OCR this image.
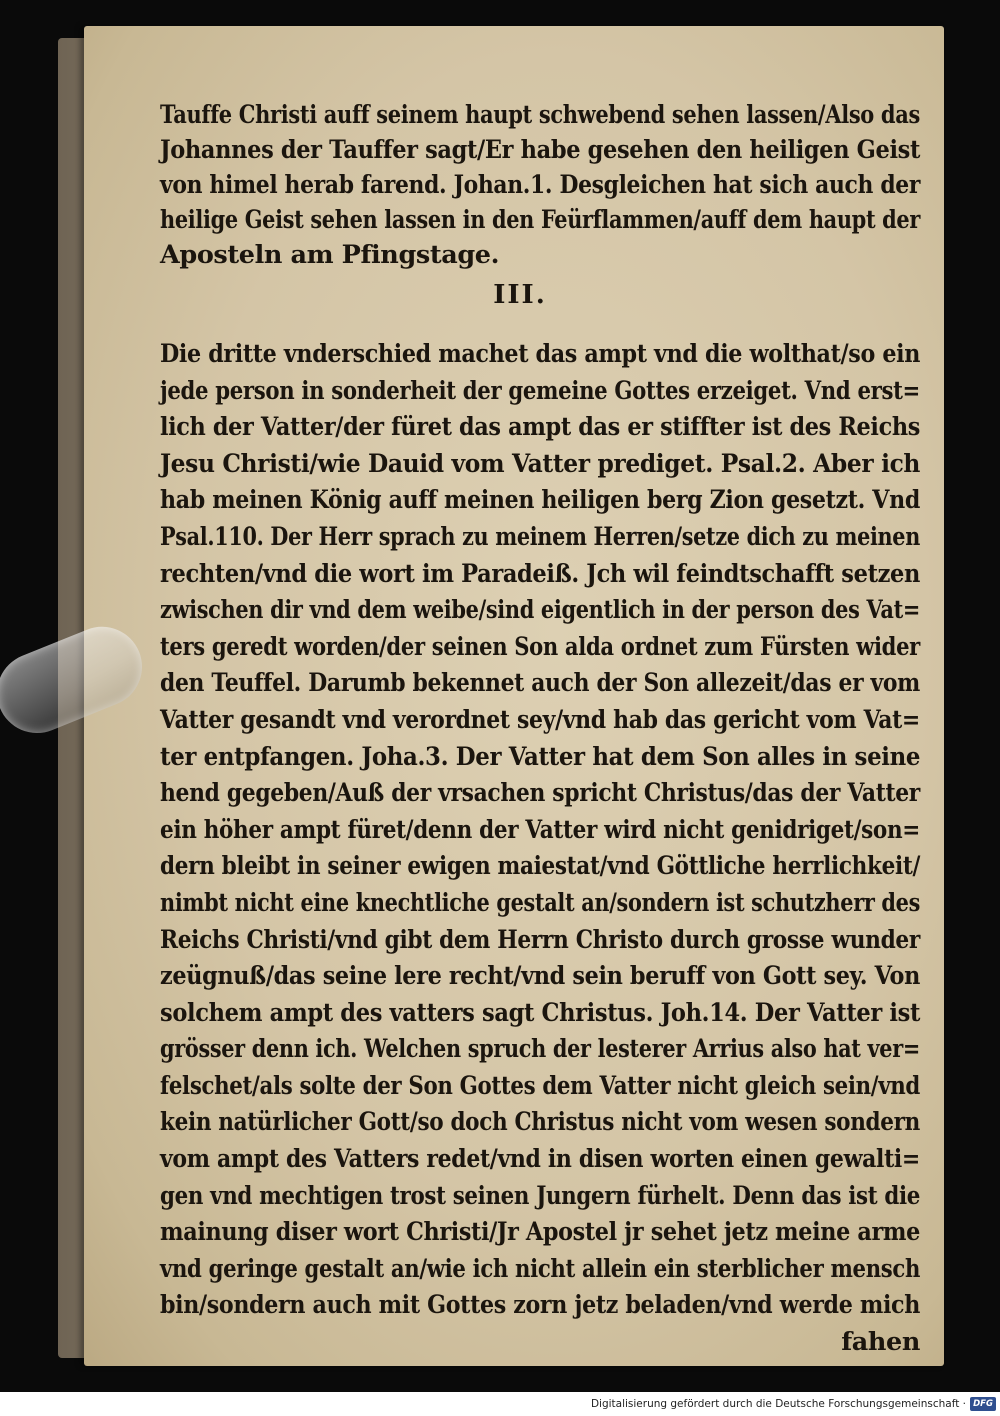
Tauffe Christi auff seinem haupt schwebend sehen lassen/Also das
Johannes der Tauffer sagt/Er habe gesehen den heiligen Geist
von himel herab farend. Johan.1. Desgleichen hat sich auch der
heilige Geist sehen lassen in den Feürflammen/auff dem haupt der
Aposteln am Pfingstage.
III.
Die dritte vnderschied machet das ampt vnd die wolthat/so ein
jede person in sonderheit der gemeine Gottes erzeiget. Vnd erst=
lich der Vatter/der füret das ampt das er stiffter ist des Reichs
Jesu Christi/wie Dauid vom Vatter prediget. Psal.2. Aber ich
hab meinen König auff meinen heiligen berg Zion gesetzt. Vnd
Psal.110. Der Herr sprach zu meinem Herren/setze dich zu meinen
rechten/vnd die wort im Paradeiß. Jch wil feindtschafft setzen
zwischen dir vnd dem weibe/sind eigentlich in der person des Vat=
ters geredt worden/der seinen Son alda ordnet zum Fürsten wider
den Teuffel. Darumb bekennet auch der Son allezeit/das er vom
Vatter gesandt vnd verordnet sey/vnd hab das gericht vom Vat=
ter entpfangen. Joha.3. Der Vatter hat dem Son alles in seine
hend gegeben/Auß der vrsachen spricht Christus/das der Vatter
ein höher ampt füret/denn der Vatter wird nicht genidriget/son=
dern bleibt in seiner ewigen maiestat/vnd Göttliche herrlichkeit/
nimbt nicht eine knechtliche gestalt an/sondern ist schutzherr des
Reichs Christi/vnd gibt dem Herrn Christo durch grosse wunder
zeügnuß/das seine lere recht/vnd sein beruff von Gott sey. Von
solchem ampt des vatters sagt Christus. Joh.14. Der Vatter ist
grösser denn ich. Welchen spruch der lesterer Arrius also hat ver=
felschet/als solte der Son Gottes dem Vatter nicht gleich sein/vnd
kein natürlicher Gott/so doch Christus nicht vom wesen sondern
vom ampt des Vatters redet/vnd in disen worten einen gewalti=
gen vnd mechtigen trost seinen Jungern fürhelt. Denn das ist die
mainung diser wort Christi/Jr Apostel jr sehet jetz meine arme
vnd geringe gestalt an/wie ich nicht allein ein sterblicher mensch
bin/sondern auch mit Gottes zorn jetz beladen/vnd werde mich
fahen
Digitalisierung gefördert durch die Deutsche Forschungsgemeinschaft · DFG
